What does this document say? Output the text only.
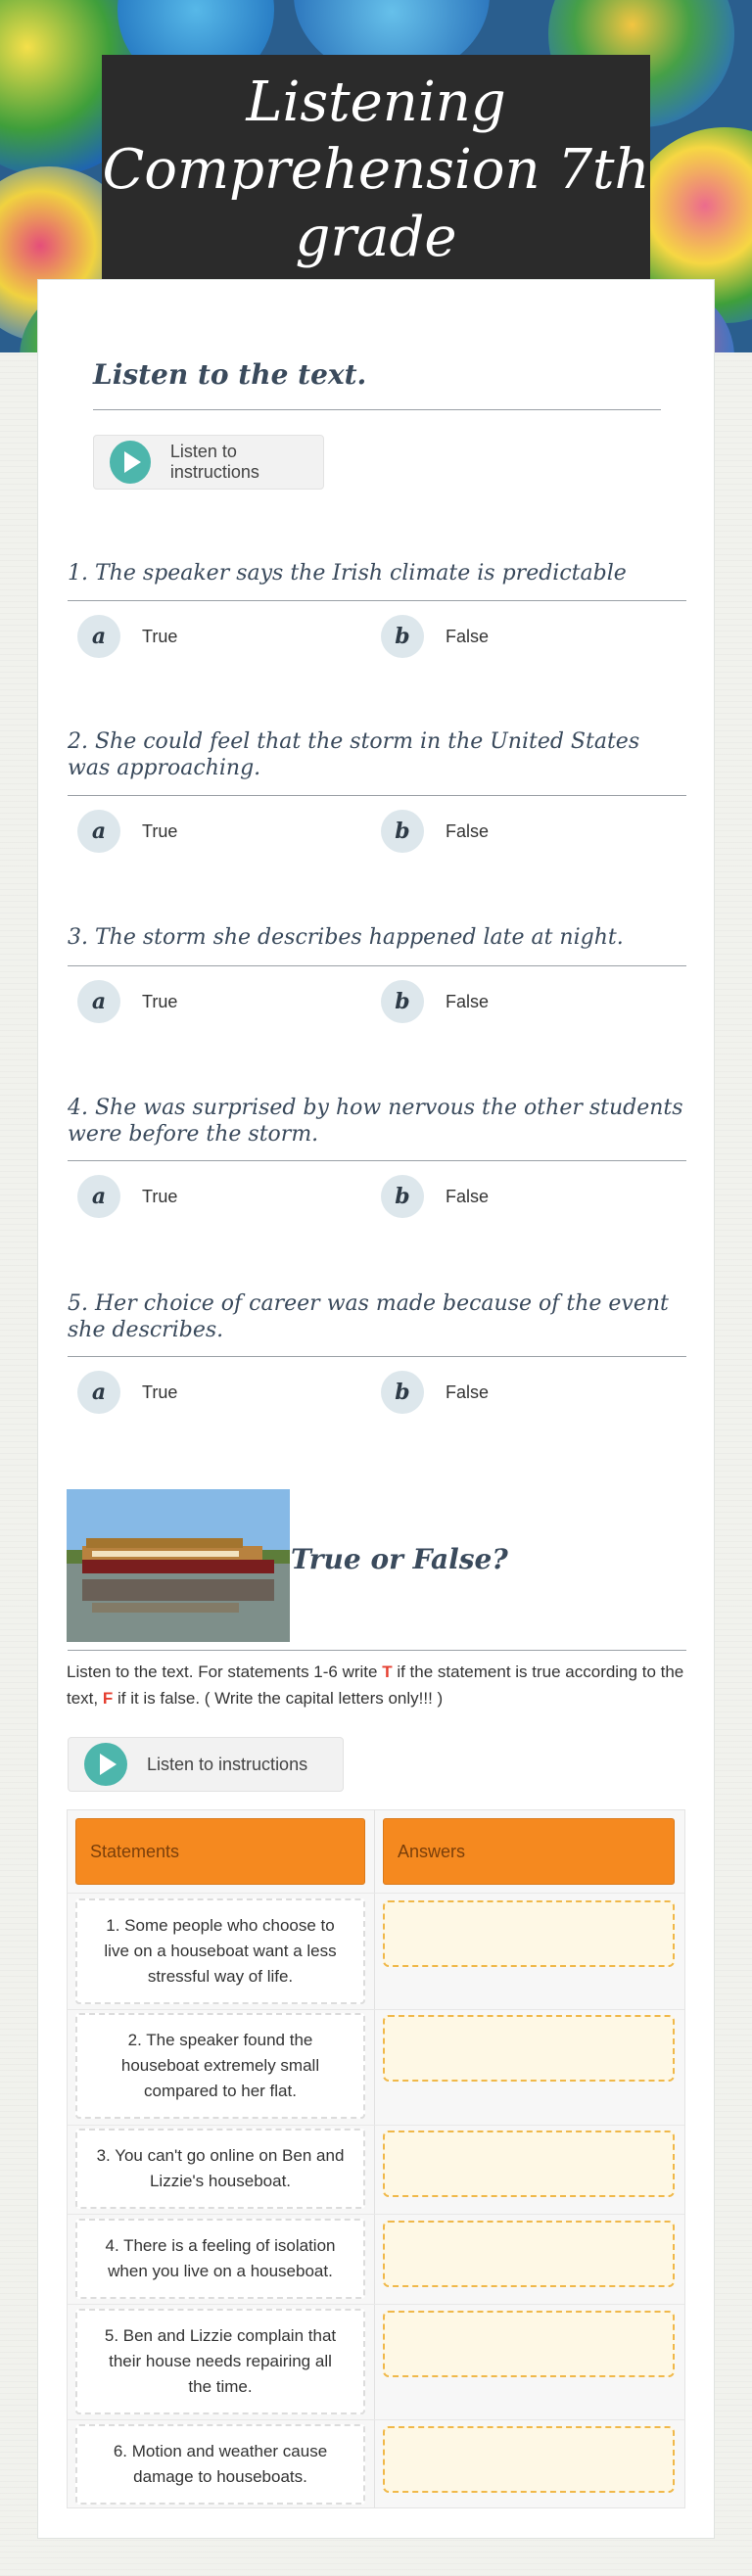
Listening Comprehension 7th grade
Listen to the text.
Listen to instructions
1. The speaker says the Irish climate is predictable
a	True	b	False
2. She could feel that the storm in the United States was approaching.
a	True	b	False
3. The storm she describes happened late at night.
a	True	b	False
4. She was surprised by how nervous the other students were before the storm.
a	True	b	False
5. Her choice of career was made because of the event she describes.
a	True	b	False
True or False?
Listen to instructions
Listen to the text. For statements 1-6 write T if the statement is true according to the text, F if it is false. ( Write the capital letters only!!! )
Statements	Answers
1. Some people who choose to live on a houseboat want a less stressful way of life.
2. The speaker found the houseboat extremely small compared to her flat.
3. You can't go online on Ben and Lizzie's houseboat.
4. There is a feeling of isolation when you live on a houseboat.
5. Ben and Lizzie complain that their house needs repairing all the time.
6. Motion and weather cause damage to houseboats.
